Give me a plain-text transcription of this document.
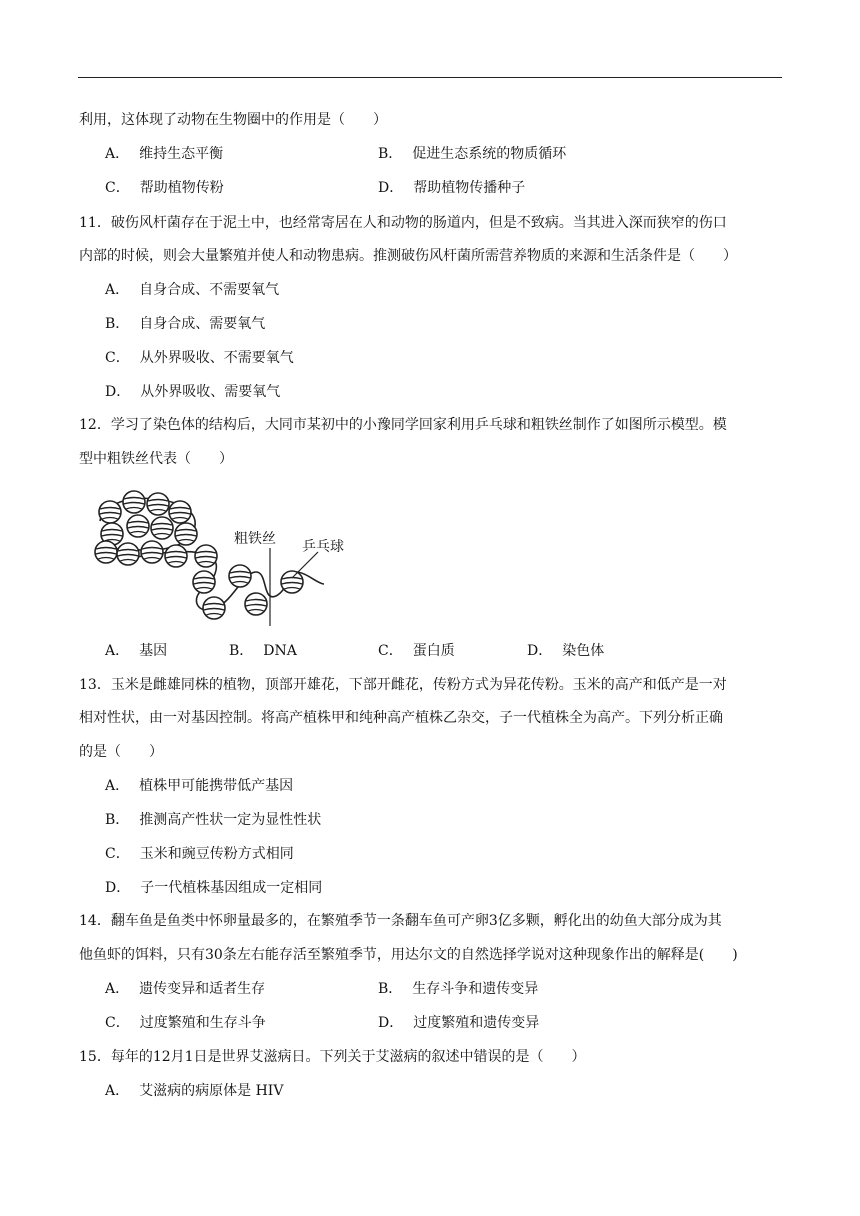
利用，这体现了动物在生物圈中的作用是（　　）
A． 维持生态平衡	B． 促进生态系统的物质循环
C． 帮助植物传粉	D． 帮助植物传播种子
11．破伤风杆菌存在于泥土中，也经常寄居在人和动物的肠道内，但是不致病。当其进入深而狭窄的伤口
内部的时候，则会大量繁殖并使人和动物患病。推测破伤风杆菌所需营养物质的来源和生活条件是（　　）
A． 自身合成、不需要氧气
B． 自身合成、需要氧气
C． 从外界吸收、不需要氧气
D． 从外界吸收、需要氧气
12．学习了染色体的结构后，大同市某初中的小豫同学回家利用乒乓球和粗铁丝制作了如图所示模型。模
型中粗铁丝代表（　　）
粗铁丝 乒乓球
A． 基因	B． DNA	C． 蛋白质	D． 染色体
13．玉米是雌雄同株的植物，顶部开雄花，下部开雌花，传粉方式为异花传粉。玉米的高产和低产是一对
相对性状，由一对基因控制。将高产植株甲和纯种高产植株乙杂交，子一代植株全为高产。下列分析正确
的是（　　）
A． 植株甲可能携带低产基因
B． 推测高产性状一定为显性性状
C． 玉米和豌豆传粉方式相同
D． 子一代植株基因组成一定相同
14．翻车鱼是鱼类中怀卵量最多的，在繁殖季节一条翻车鱼可产卵3亿多颗，孵化出的幼鱼大部分成为其
他鱼虾的饵料，只有30条左右能存活至繁殖季节，用达尔文的自然选择学说对这种现象作出的解释是(　　)
A． 遗传变异和适者生存	B． 生存斗争和遗传变异
C． 过度繁殖和生存斗争	D． 过度繁殖和遗传变异
15．每年的12月1日是世界艾滋病日。下列关于艾滋病的叙述中错误的是（　　）
A． 艾滋病的病原体是 HIV
